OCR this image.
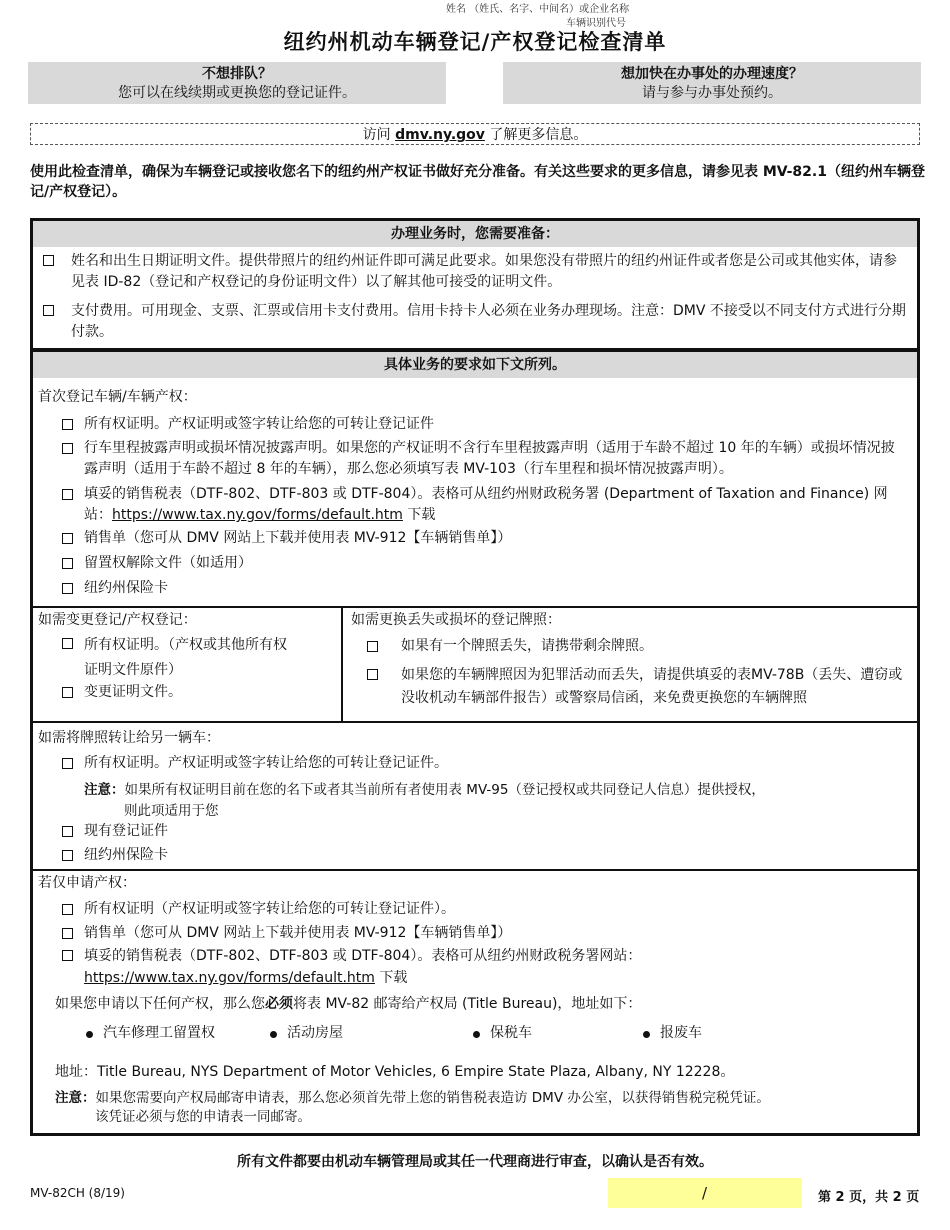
姓名 （姓氏、名字、中间名）或企业名称
车辆识别代号
纽约州机动车辆登记/产权登记检查清单
不想排队？
您可以在线续期或更换您的登记证件。
想加快在办事处的办理速度？
请与参与办事处预约。
访问 dmv.ny.gov 了解更多信息。
使用此检查清单，确保为车辆登记或接收您名下的纽约州产权证书做好充分准备。有关这些要求的更多信息，请参见表 MV-82.1（纽约州车辆登记/产权登记）。
办理业务时，您需要准备：
姓名和出生日期证明文件。提供带照片的纽约州证件即可满足此要求。如果您没有带照片的纽约州证件或者您是公司或其他实体，请参见表 ID-82（登记和产权登记的身份证明文件）以了解其他可接受的证明文件。
支付费用。可用现金、支票、汇票或信用卡支付费用。信用卡持卡人必须在业务办理现场。注意：DMV 不接受以不同支付方式进行分期付款。
具体业务的要求如下文所列。
首次登记车辆/车辆产权：
所有权证明。产权证明或签字转让给您的可转让登记证件
行车里程披露声明或损坏情况披露声明。如果您的产权证明不含行车里程披露声明（适用于车龄不超过 10 年的车辆）或损坏情况披露声明（适用于车龄不超过 8 年的车辆），那么您必须填写表 MV-103（行车里程和损坏情况披露声明）。
填妥的销售税表（DTF-802、DTF-803 或 DTF-804）。表格可从纽约州财政税务署 (Department of Taxation and Finance) 网站：https://www.tax.ny.gov/forms/default.htm 下载
销售单（您可从 DMV 网站上下载并使用表 MV-912【车辆销售单】）
留置权解除文件（如适用）
纽约州保险卡
如需变更登记/产权登记：
所有权证明。（产权或其他所有权
证明文件原件）
变更证明文件。
如需更换丢失或损坏的登记牌照：
如果有一个牌照丢失，请携带剩余牌照。
如果您的车辆牌照因为犯罪活动而丢失，请提供填妥的表MV-78B（丢失、遭窃或没收机动车辆部件报告）或警察局信函，来免费更换您的车辆牌照
如需将牌照转让给另一辆车：
所有权证明。产权证明或签字转让给您的可转让登记证件。
注意：如果所有权证明目前在您的名下或者其当前所有者使用表 MV-95（登记授权或共同登记人信息）提供授权，
则此项适用于您
现有登记证件
纽约州保险卡
若仅申请产权：
所有权证明（产权证明或签字转让给您的可转让登记证件）。
销售单（您可从 DMV 网站上下载并使用表 MV-912【车辆销售单】）
填妥的销售税表（DTF-802、DTF-803 或 DTF-804）。表格可从纽约州财政税务署网站：
https://www.tax.ny.gov/forms/default.htm 下载
如果您申请以下任何产权，那么您必须将表 MV-82 邮寄给产权局 (Title Bureau)，地址如下：
汽车修理工留置权	活动房屋	保税车	报废车
地址：Title Bureau, NYS Department of Motor Vehicles, 6 Empire State Plaza, Albany, NY 12228。
注意：如果您需要向产权局邮寄申请表，那么您必须首先带上您的销售税表造访 DMV 办公室，以获得销售税完税凭证。
该凭证必须与您的申请表一同邮寄。
所有文件都要由机动车辆管理局或其任一代理商进行审查，以确认是否有效。
MV-82CH (8/19)	/	第 2 页，共 2 页
